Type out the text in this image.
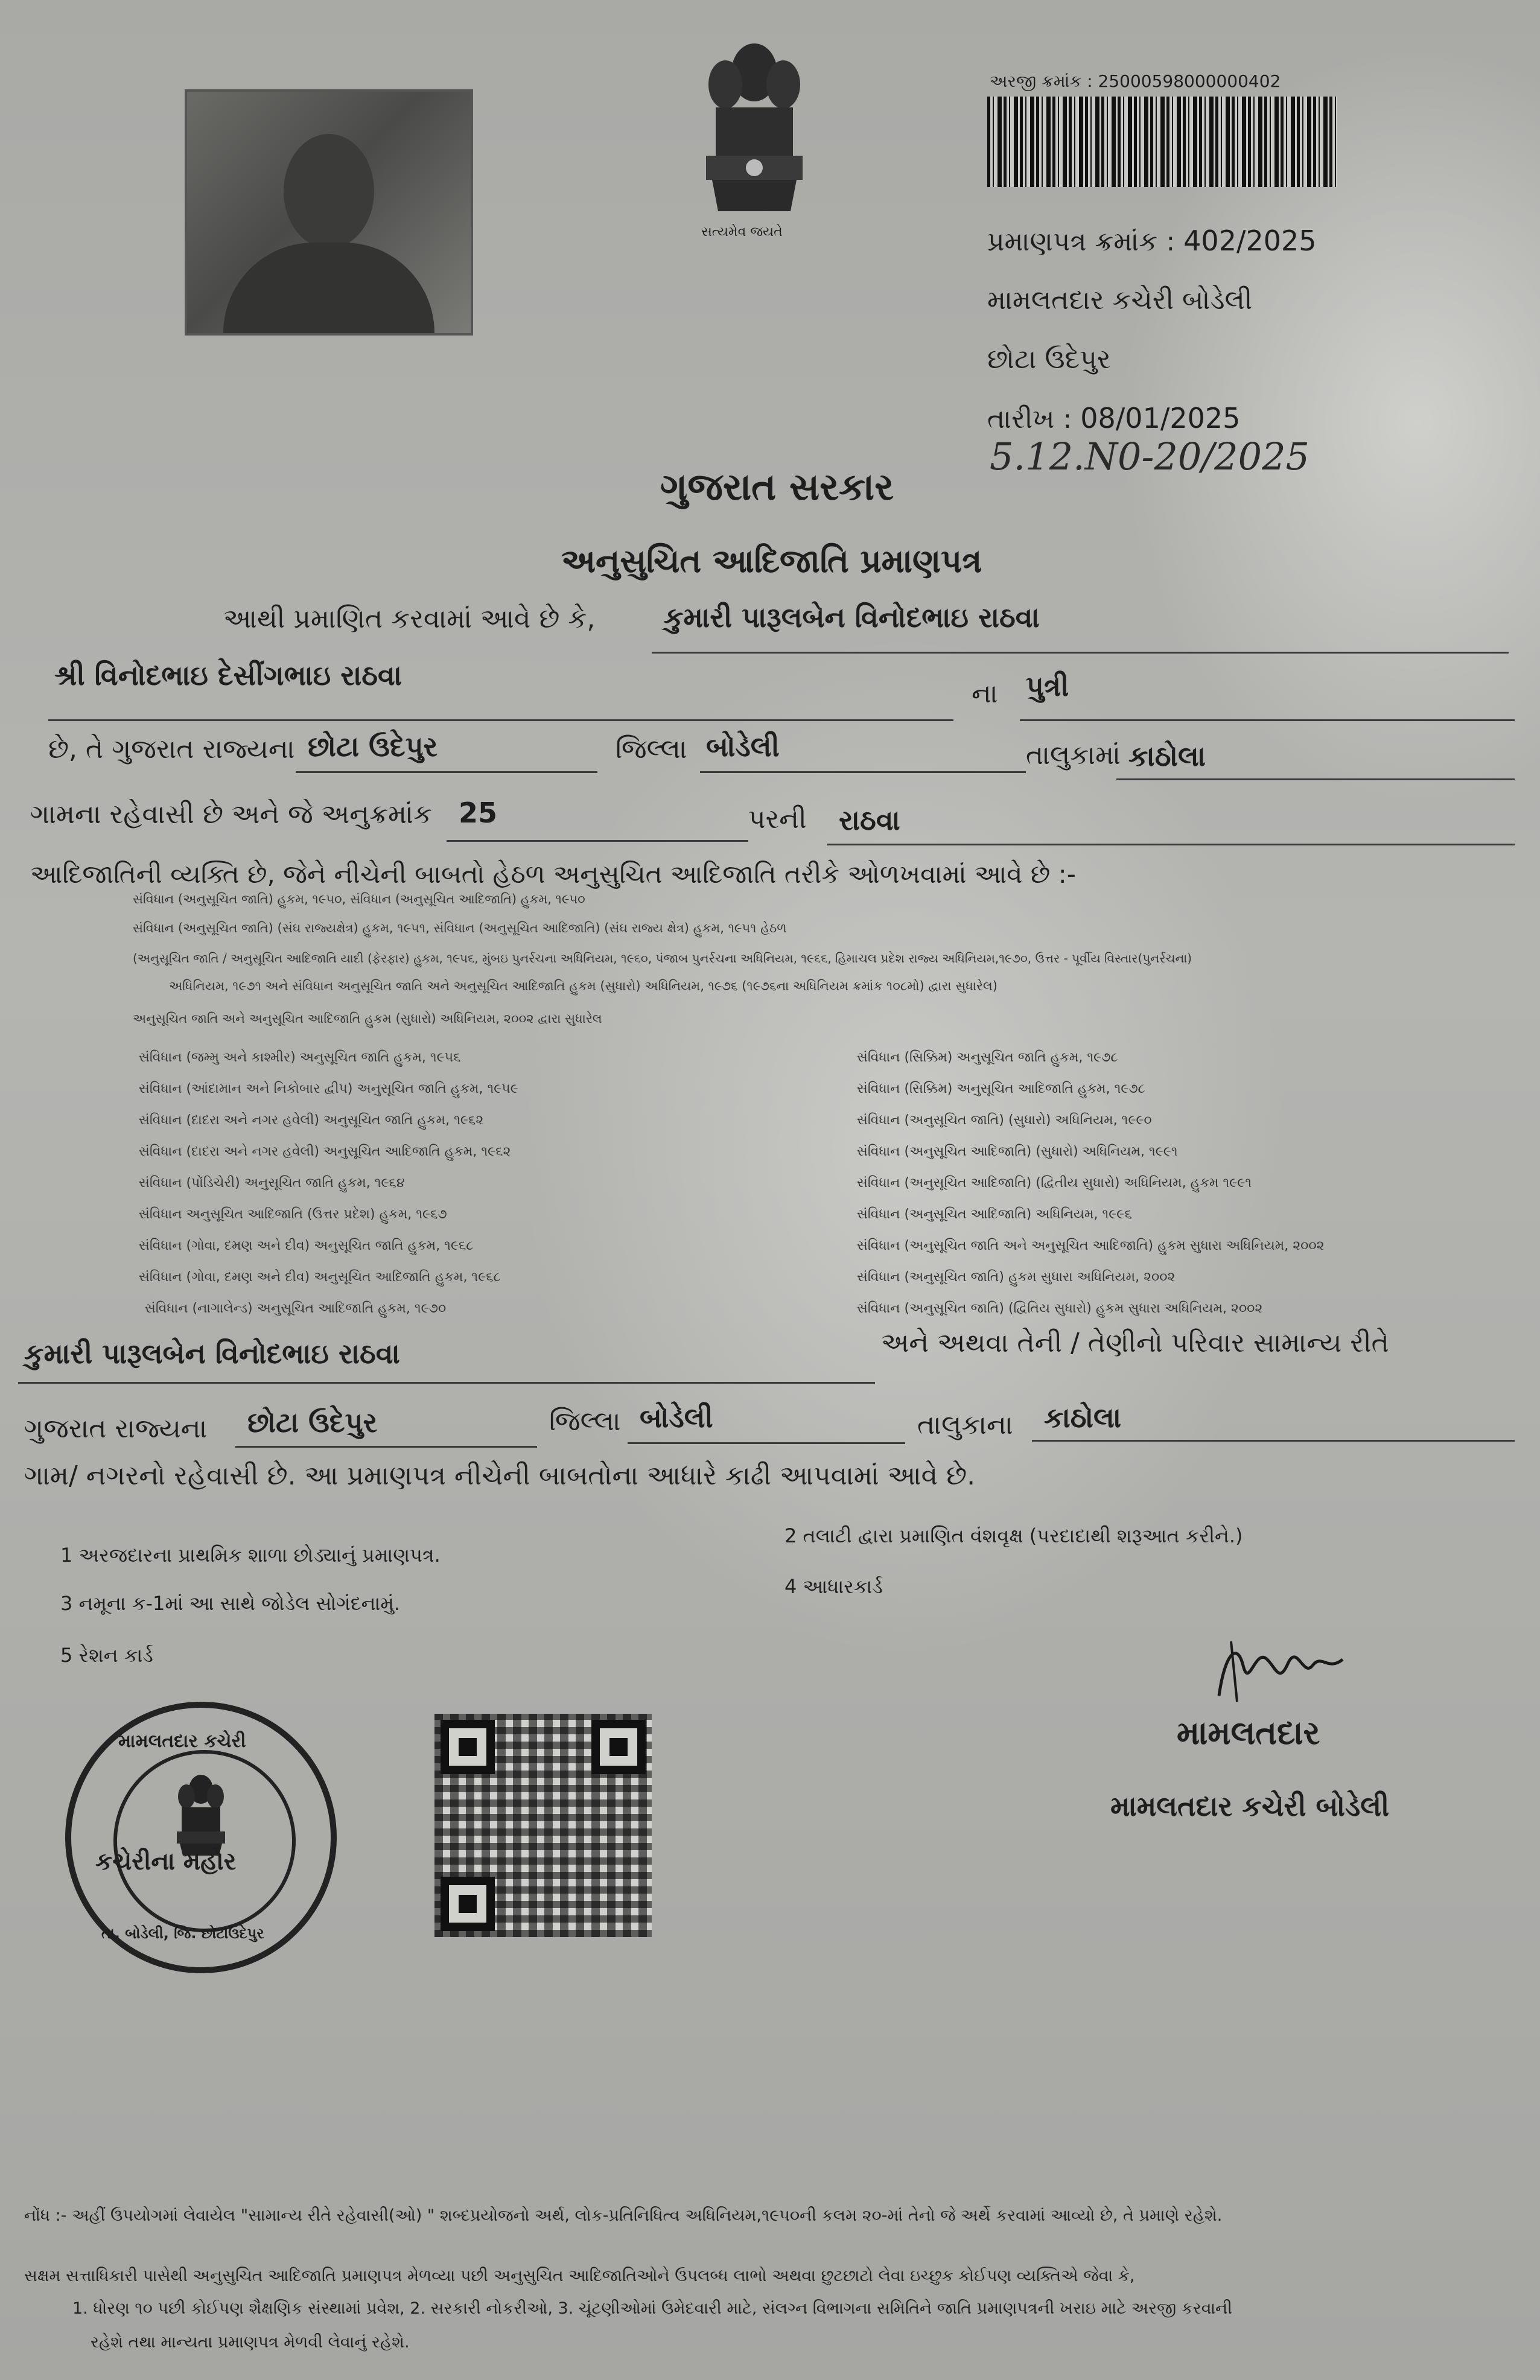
સત્યમેવ જયતે
અરજી ક્રમાંક : 25000598000000402
પ્રમાણપત્ર ક્રમાંક : 402/2025
મામલતદાર કચેરી બોડેલી
છોટા ઉદેપુર
તારીખ : 08/01/2025
5.12.N0-20/2025
ગુજરાત સરકાર
અનુસુચિત આદિજાતિ પ્રમાણપત્ર
આથી પ્રમાણિત કરવામાં આવે છે કે, કુમારી પારૂલબેન વિનોદભાઇ રાઠવા
શ્રી વિનોદભાઇ દેસીંગભાઇ રાઠવા
ના પુત્રી
છે, તે ગુજરાત રાજ્યના છોટા ઉદેપુર	જિલ્લા બોડેલી	તાલુકામાં કાઠોલા
ગામના રહેવાસી છે અને જે અનુક્રમાંક 25	પરની રાઠવા
આદિજાતિની વ્યક્તિ છે, જેને નીચેની બાબતો હેઠળ અનુસુચિત આદિજાતિ તરીકે ઓળખવામાં આવે છે :-
સંવિધાન (અનુસૂચિત જાતિ) હુકમ, ૧૯૫૦, સંવિધાન (અનુસૂચિત આદિજાતિ) હુકમ, ૧૯૫૦
સંવિધાન (અનુસૂચિત જાતિ) (સંઘ રાજ્યક્ષેત્ર) હુકમ, ૧૯૫૧, સંવિધાન (અનુસૂચિત આદિજાતિ) (સંઘ રાજ્ય ક્ષેત્ર) હુકમ, ૧૯૫૧ હેઠળ
(અનુસૂચિત જાતિ / અનુસૂચિત આદિજાતિ યાદી (ફેરફાર) હુકમ, ૧૯૫૬, મુંબઇ પુનર્રચના અધિનિયમ, ૧૯૬૦, પંજાબ પુનર્રચના અધિનિયમ, ૧૯૬૬, હિમાચલ પ્રદેશ રાજ્ય અધિનિયમ,૧૯૭૦, ઉત્તર - પૂર્વીય વિસ્તાર(પુનર્રચના)
અધિનિયમ, ૧૯૭૧ અને સંવિધાન અનુસૂચિત જાતિ અને અનુસૂચિત આદિજાતિ હુકમ (સુધારો) અધિનિયમ, ૧૯૭૬ (૧૯૭૬ના અધિનિયમ ક્રમાંક ૧૦૮મો) દ્વારા સુધારેલ)
અનુસૂચિત જાતિ અને અનુસૂચિત આદિજાતિ હુકમ (સુધારો) અધિનિયમ, ૨૦૦૨ દ્વારા સુધારેલ
સંવિધાન (જમ્મુ અને કાશ્મીર) અનુસૂચિત જાતિ હુકમ, ૧૯૫૬
સંવિધાન (આંદામાન અને નિકોબાર દ્વીપ) અનુસૂચિત જાતિ હુકમ, ૧૯૫૯
સંવિધાન (દાદરા અને નગર હવેલી) અનુસૂચિત જાતિ હુકમ, ૧૯૬૨
સંવિધાન (દાદરા અને નગર હવેલી) અનુસૂચિત આદિજાતિ હુકમ, ૧૯૬૨
સંવિધાન (પોંડિચેરી) અનુસૂચિત જાતિ હુકમ, ૧૯૬૪
સંવિધાન અનુસૂચિત આદિજાતિ (ઉત્તર પ્રદેશ) હુકમ, ૧૯૬૭
સંવિધાન (ગોવા, દમણ અને દીવ) અનુસૂચિત જાતિ હુકમ, ૧૯૬૮
સંવિધાન (ગોવા, દમણ અને દીવ) અનુસૂચિત આદિજાતિ હુકમ, ૧૯૬૮
સંવિધાન (નાગાલેન્ડ) અનુસૂચિત આદિજાતિ હુકમ, ૧૯૭૦
સંવિધાન (સિક્કિમ) અનુસૂચિત જાતિ હુકમ, ૧૯૭૮
સંવિધાન (સિક્કિમ) અનુસૂચિત આદિજાતિ હુકમ, ૧૯૭૮
સંવિધાન (અનુસૂચિત જાતિ) (સુધારો) અધિનિયમ, ૧૯૯૦
સંવિધાન (અનુસૂચિત આદિજાતિ) (સુધારો) અધિનિયમ, ૧૯૯૧
સંવિધાન (અનુસૂચિત આદિજાતિ) (દ્વિતીય સુધારો) અધિનિયમ, હુકમ ૧૯૯૧
સંવિધાન (અનુસૂચિત આદિજાતિ) અધિનિયમ, ૧૯૯૬
સંવિધાન (અનુસૂચિત જાતિ અને અનુસૂચિત આદિજાતિ) હુકમ સુધારા અધિનિયમ, ૨૦૦૨
સંવિધાન (અનુસૂચિત જાતિ) હુકમ સુધારા અધિનિયમ, ૨૦૦૨
સંવિધાન (અનુસૂચિત જાતિ) (દ્વિતિય સુધારો) હુકમ સુધારા અધિનિયમ, ૨૦૦૨
કુમારી પારૂલબેન વિનોદભાઇ રાઠવા	અને અથવા તેની / તેણીનો પરિવાર સામાન્ય રીતે
ગુજરાત રાજ્યના છોટા ઉદેપુર	જિલ્લા બોડેલી	તાલુકાના કાઠોલા
ગામ/ નગરનો રહેવાસી છે. આ પ્રમાણપત્ર નીચેની બાબતોના આધારે કાઢી આપવામાં આવે છે.
1 અરજદારના પ્રાથમિક શાળા છોડ્યાનું પ્રમાણપત્ર.
2 તલાટી દ્વારા પ્રમાણિત વંશવૃક્ષ (પરદાદાથી શરૂઆત કરીને.)
3 નમૂના ક-1માં આ સાથે જોડેલ સોગંદનામું.
4 આધારકાર્ડ
5 રેશન કાર્ડ
મામલતદાર કચેરી
કચેરીના મહોર
તા. બોડેલી, જિ. છોટાઉદેપુર
મામલતદાર
મામલતદાર કચેરી બોડેલી
નોંધ :- અહીં ઉપયોગમાં લેવાયેલ "સામાન્ય રીતે રહેવાસી(ઓ) " શબ્દપ્રયોજનો અર્થ, લોક-પ્રતિનિધિત્વ અધિનિયમ,૧૯૫૦ની કલમ ૨૦-માં તેનો જે અર્થે કરવામાં આવ્યો છે, તે પ્રમાણે રહેશે.
સક્ષમ સત્તાધિકારી પાસેથી અનુસુચિત આદિજાતિ પ્રમાણપત્ર મેળવ્યા પછી અનુસુચિત આદિજાતિઓને ઉપલબ્ધ લાભો અથવા છુટછાટો લેવા ઇચ્છુક કોઈપણ વ્યક્તિએ જેવા કે,
1. ધોરણ ૧૦ પછી કોઈપણ શૈક્ષણિક સંસ્થામાં પ્રવેશ, 2. સરકારી નોકરીઓ, 3. ચૂંટણીઓમાં ઉમેદવારી માટે, સંલગ્ન વિભાગના સમિતિને જાતિ પ્રમાણપત્રની ખરાઇ માટે અરજી કરવાની
રહેશે તથા માન્યતા પ્રમાણપત્ર મેળવી લેવાનું રહેશે.
